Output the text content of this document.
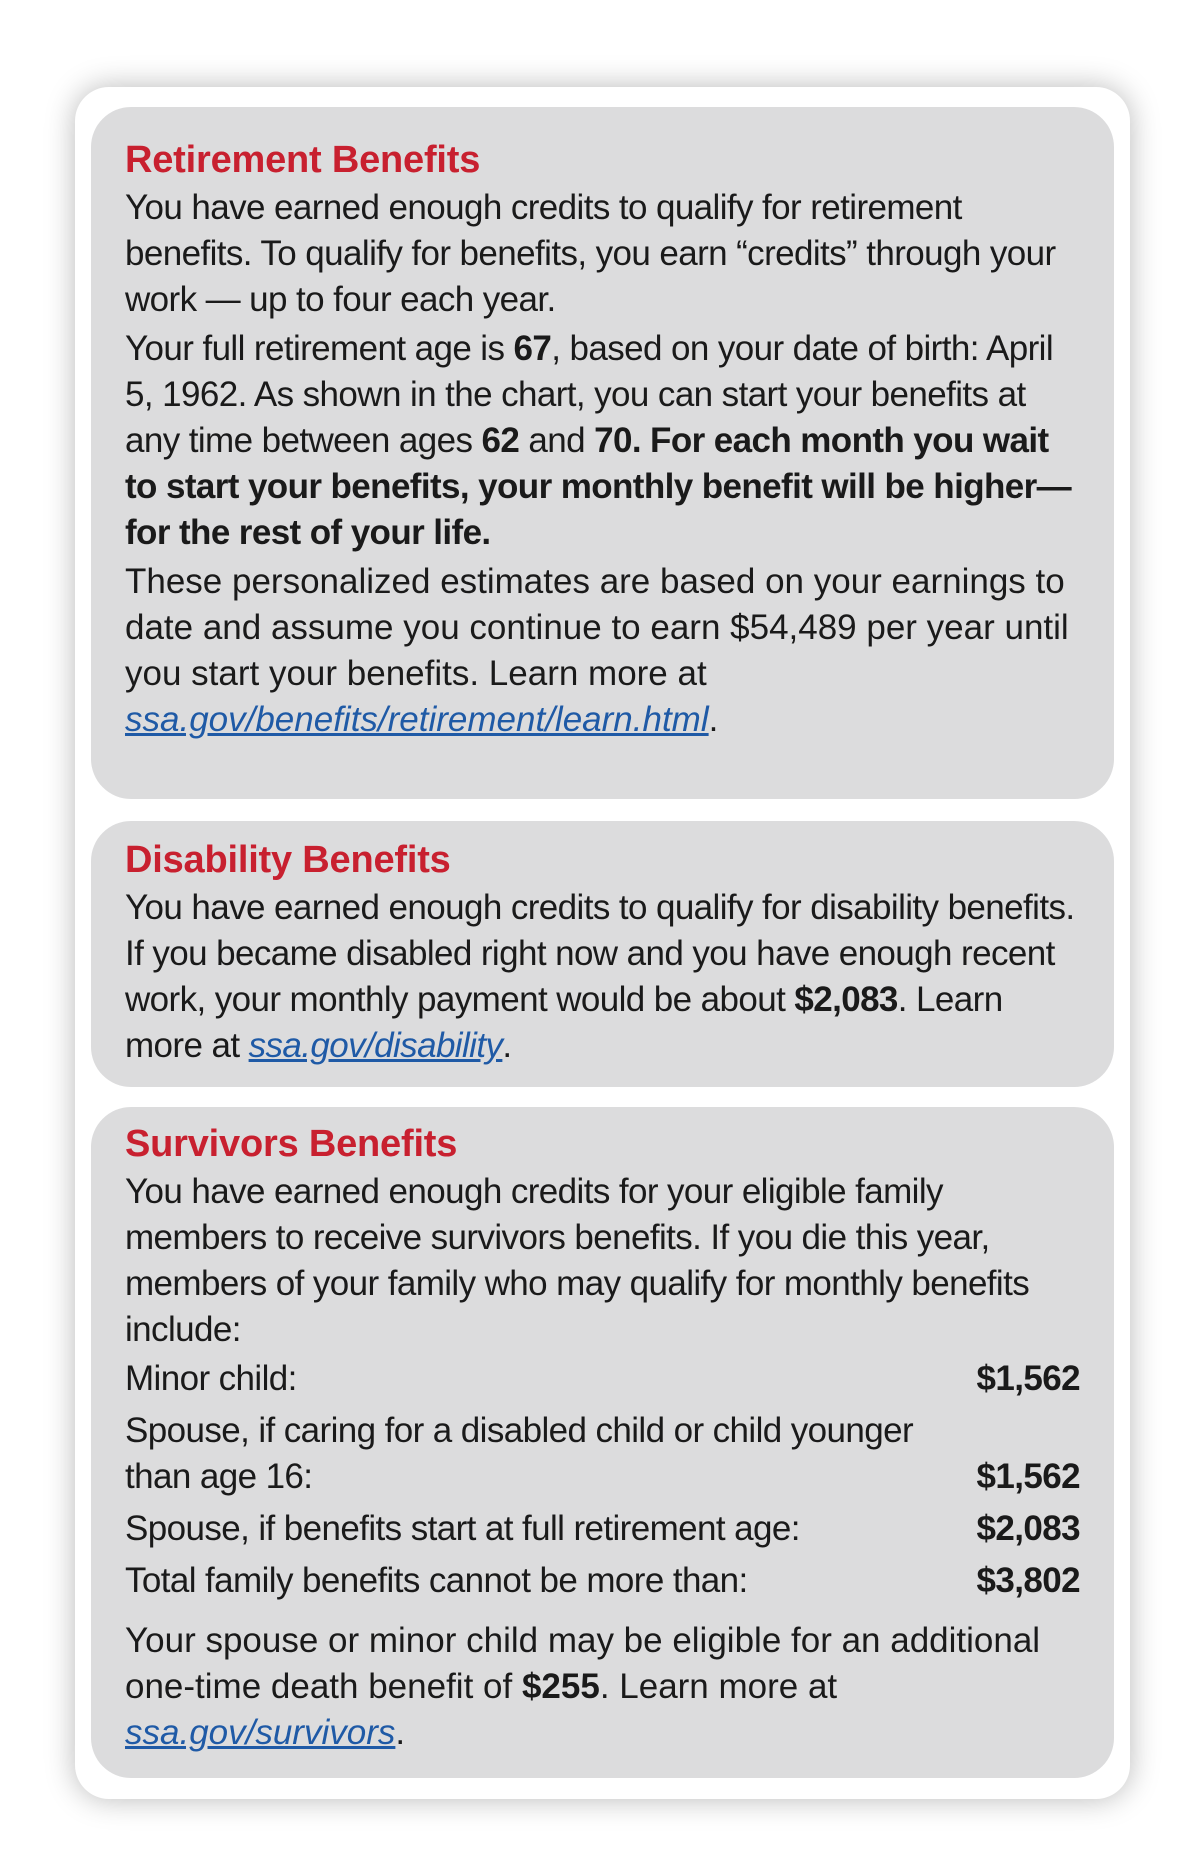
Retirement Benefits

You have earned enough credits to qualify for retirement benefits. To qualify for benefits, you earn “credits” through your work — up to four each year.

Your full retirement age is 67, based on your date of birth: April 5, 1962. As shown in the chart, you can start your benefits at any time between ages 62 and 70. For each month you wait to start your benefits, your monthly benefit will be higher—for the rest of your life.

These personalized estimates are based on your earnings to date and assume you continue to earn $54,489 per year until you start your benefits. Learn more at ssa.gov/benefits/retirement/learn.html.

Disability Benefits

You have earned enough credits to qualify for disability benefits. If you became disabled right now and you have enough recent work, your monthly payment would be about $2,083. Learn more at ssa.gov/disability.

Survivors Benefits

You have earned enough credits for your eligible family members to receive survivors benefits. If you die this year, members of your family who may qualify for monthly benefits include:

Minor child:	$1,562
Spouse, if caring for a disabled child or child younger than age 16:	$1,562
Spouse, if benefits start at full retirement age:	$2,083
Total family benefits cannot be more than:	$3,802

Your spouse or minor child may be eligible for an additional one-time death benefit of $255. Learn more at ssa.gov/survivors.
